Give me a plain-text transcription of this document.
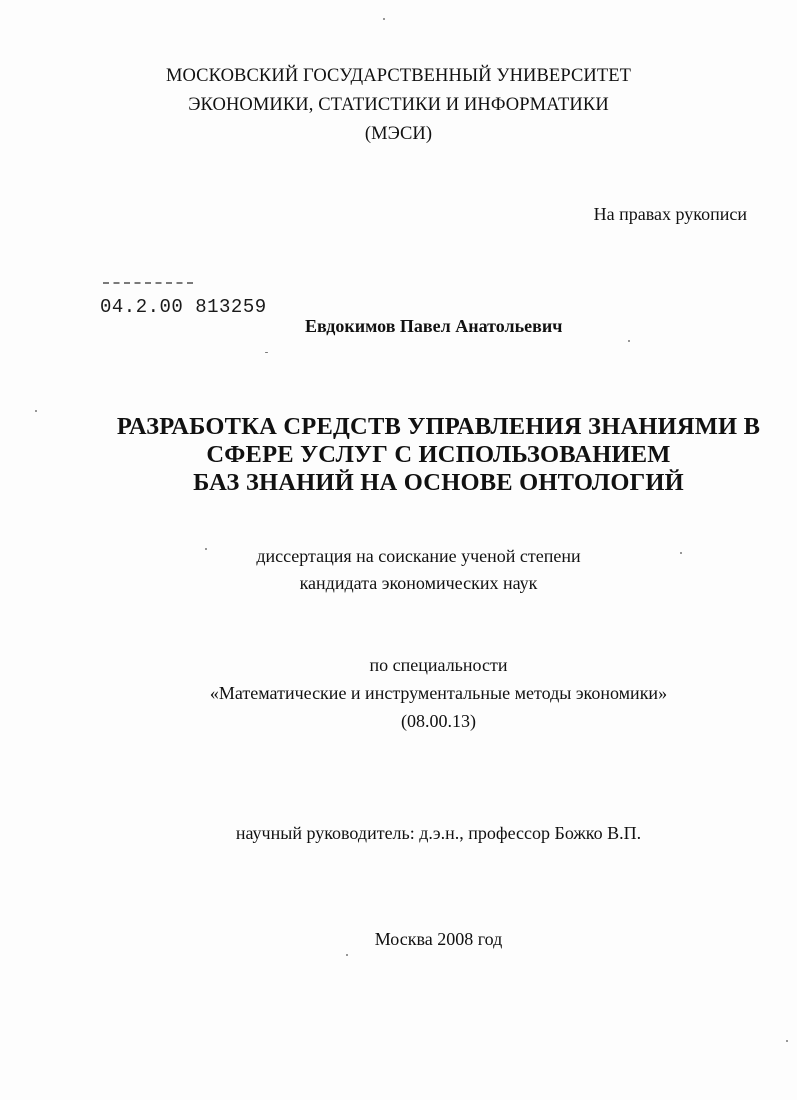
МОСКОВСКИЙ ГОСУДАРСТВЕННЫЙ УНИВЕРСИТЕТ
ЭКОНОМИКИ, СТАТИСТИКИ И ИНФОРМАТИКИ
(МЭСИ)
На правах рукописи
04.2.00 813259
Евдокимов Павел Анатольевич
РАЗРАБОТКА СРЕДСТВ УПРАВЛЕНИЯ ЗНАНИЯМИ В
СФЕРЕ УСЛУГ С ИСПОЛЬЗОВАНИЕМ
БАЗ ЗНАНИЙ НА ОСНОВЕ ОНТОЛОГИЙ
диссертация на соискание ученой степени
кандидата экономических наук
по специальности
«Математические и инструментальные методы экономики»
(08.00.13)
научный руководитель: д.э.н., профессор Божко В.П.
Москва 2008 год
